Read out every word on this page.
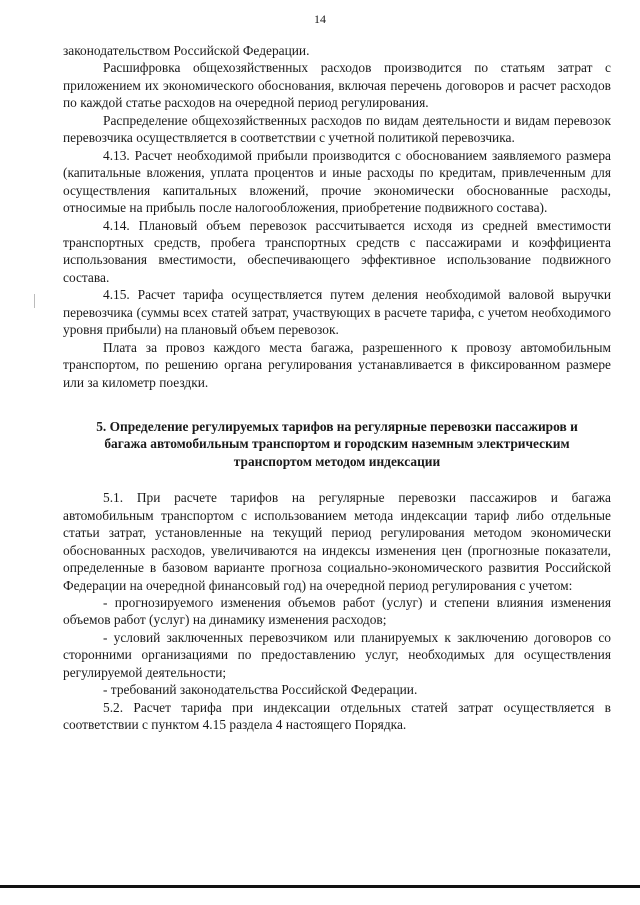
14

законодательством Российской Федерации.

Расшифровка общехозяйственных расходов производится по статьям затрат с приложением их экономического обоснования, включая перечень договоров и расчет расходов по каждой статье расходов на очередной период регулирования.

Распределение общехозяйственных расходов по видам деятельности и видам перевозок перевозчика осуществляется в соответствии с учетной политикой перевозчика.

4.13. Расчет необходимой прибыли производится с обоснованием заявляемого размера (капитальные вложения, уплата процентов и иные расходы по кредитам, привлеченным для осуществления капитальных вложений, прочие экономически обоснованные расходы, относимые на прибыль после налогообложения, приобретение подвижного состава).

4.14. Плановый объем перевозок рассчитывается исходя из средней вместимости транспортных средств, пробега транспортных средств с пассажирами и коэффициента использования вместимости, обеспечивающего эффективное использование подвижного состава.

4.15. Расчет тарифа осуществляется путем деления необходимой валовой выручки перевозчика (суммы всех статей затрат, участвующих в расчете тарифа, с учетом необходимого уровня прибыли) на плановый объем перевозок.

Плата за провоз каждого места багажа, разрешенного к провозу автомобильным транспортом, по решению органа регулирования устанавливается в фиксированном размере или за километр поездки.

5. Определение регулируемых тарифов на регулярные перевозки пассажиров и
багажа автомобильным транспортом и городским наземным электрическим
транспортом методом индексации

5.1. При расчете тарифов на регулярные перевозки пассажиров и багажа автомобильным транспортом с использованием метода индексации тариф либо отдельные статьи затрат, установленные на текущий период регулирования методом экономически обоснованных расходов, увеличиваются на индексы изменения цен (прогнозные показатели, определенные в базовом варианте прогноза социально-экономического развития Российской Федерации на очередной финансовый год) на очередной период регулирования с учетом:

- прогнозируемого изменения объемов работ (услуг) и степени влияния изменения объемов работ (услуг) на динамику изменения расходов;

- условий заключенных перевозчиком или планируемых к заключению договоров со сторонними организациями по предоставлению услуг, необходимых для осуществления регулируемой деятельности;

- требований законодательства Российской Федерации.

5.2. Расчет тарифа при индексации отдельных статей затрат осуществляется в соответствии с пунктом 4.15 раздела 4 настоящего Порядка.
